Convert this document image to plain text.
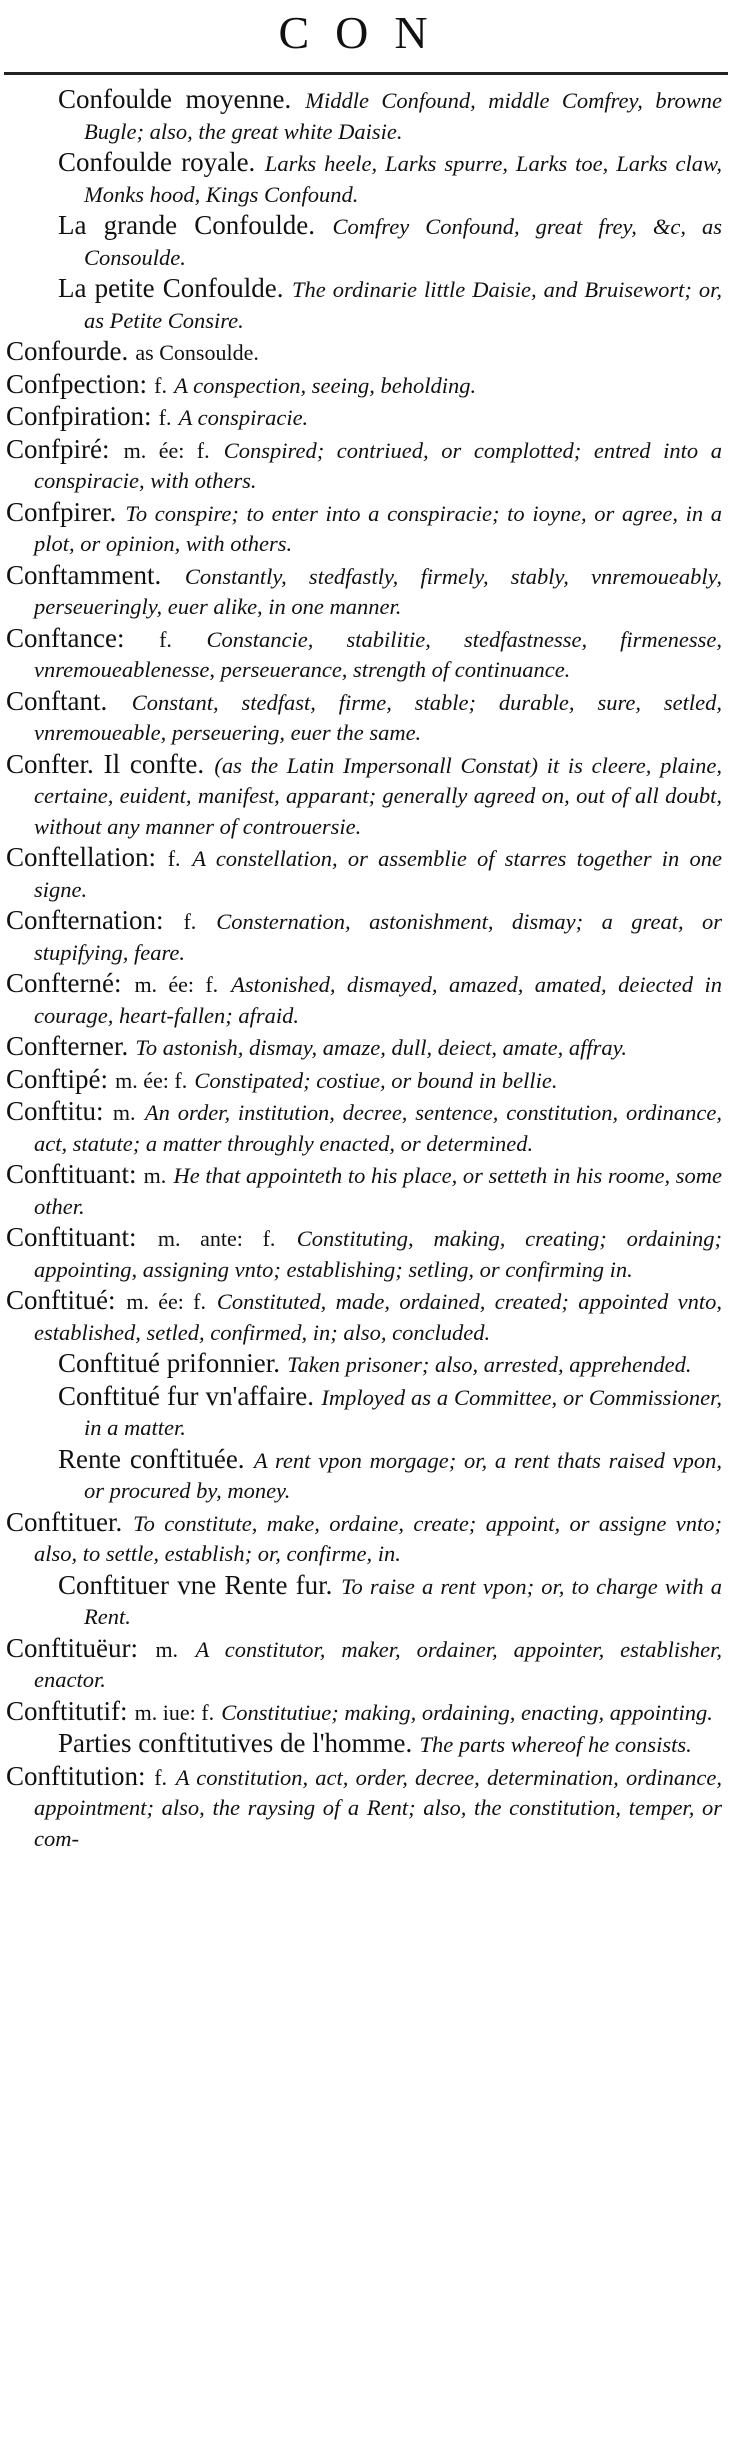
CON

Confoulde moyenne. Middle Confound, middle Comfrey, browne Bugle; also, the great white Daisie.

Confoulde royale. Larks heele, Larks spurre, Larks toe, Larks claw, Monks hood, Kings Confound.

La grande Confoulde. Comfrey Confound, great frey, &c, as Consoulde.

La petite Confoulde. The ordinarie little Daisie, and Bruisewort; or, as Petite Consire.

Confourde. as Consoulde.

Confpection: f. A conspection, seeing, beholding.

Confpiration: f. A conspiracie.

Confpiré: m. ée: f. Conspired; contriued, or complotted; entred into a conspiracie, with others.

Confpirer. To conspire; to enter into a conspiracie; to ioyne, or agree, in a plot, or opinion, with others.

Conftamment. Constantly, stedfastly, firmely, stably, vnremoueably, perseueringly, euer alike, in one manner.

Conftance: f. Constancie, stabilitie, stedfastnesse, firmenesse, vnremoueablenesse, perseuerance, strength of continuance.

Conftant. Constant, stedfast, firme, stable; durable, sure, setled, vnremoueable, perseuering, euer the same.

Confter. Il confte. (as the Latin Impersonall Constat) it is cleere, plaine, certaine, euident, manifest, apparant; generally agreed on, out of all doubt, without any manner of controuersie.

Conftellation: f. A constellation, or assemblie of starres together in one signe.

Confternation: f. Consternation, astonishment, dismay; a great, or stupifying, feare.

Confterné: m. ée: f. Astonished, dismayed, amazed, amated, deiected in courage, heart-fallen; afraid.

Confterner. To astonish, dismay, amaze, dull, deiect, amate, affray.

Conftipé: m. ée: f. Constipated; costiue, or bound in bellie.

Conftitu: m. An order, institution, decree, sentence, constitution, ordinance, act, statute; a matter throughly enacted, or determined.

Conftituant: m. He that appointeth to his place, or setteth in his roome, some other.

Conftituant: m. ante: f. Constituting, making, creating; ordaining; appointing, assigning vnto; establishing; setling, or confirming in.

Conftitué: m. ée: f. Constituted, made, ordained, created; appointed vnto, established, setled, confirmed, in; also, concluded.

Conftitué prifonnier. Taken prisoner; also, arrested, apprehended.

Conftitué fur vn'affaire. Imployed as a Committee, or Commissioner, in a matter.

Rente conftituée. A rent vpon morgage; or, a rent thats raised vpon, or procured by, money.

Conftituer. To constitute, make, ordaine, create; appoint, or assigne vnto; also, to settle, establish; or, confirme, in.

Conftituer vne Rente fur. To raise a rent vpon; or, to charge with a Rent.

Conftituëur: m. A constitutor, maker, ordainer, appointer, establisher, enactor.

Conftitutif: m. iue: f. Constitutiue; making, ordaining, enacting, appointing.

Parties conftitutives de l'homme. The parts whereof he consists.

Conftitution: f. A constitution, act, order, decree, determination, ordinance, appointment; also, the raysing of a Rent; also, the constitution, temper, or com-
